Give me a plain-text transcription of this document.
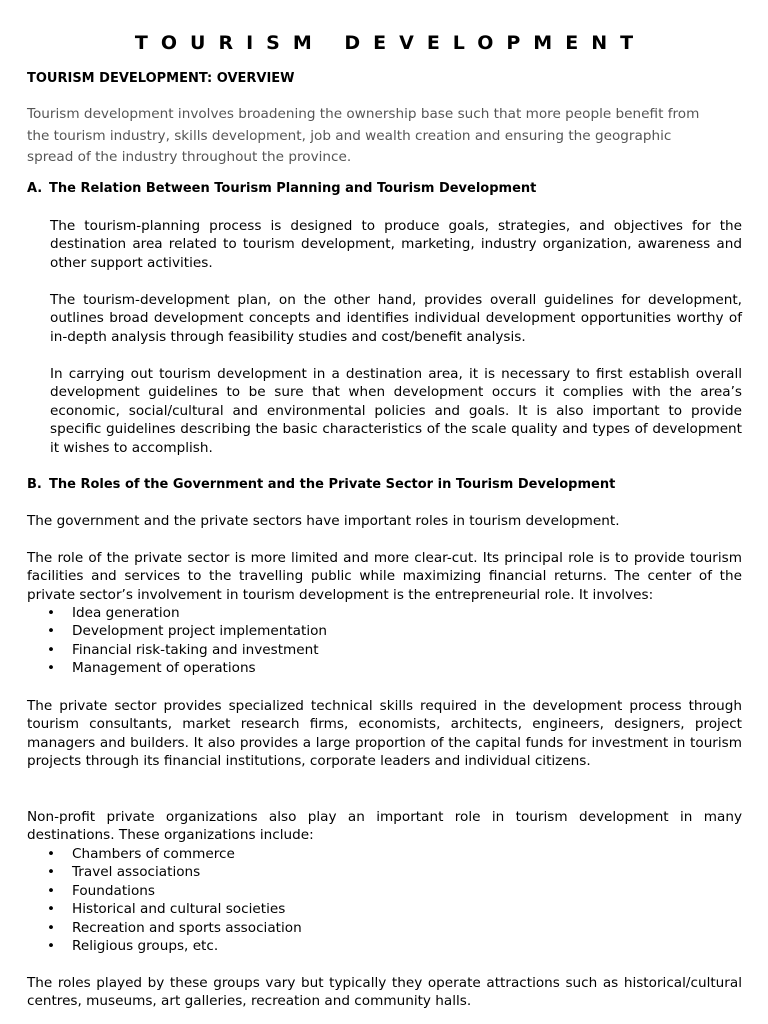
TOURISM DEVELOPMENT
TOURISM DEVELOPMENT: OVERVIEW
Tourism development involves broadening the ownership base such that more people benefit from the tourism industry, skills development, job and wealth creation and ensuring the geographic spread of the industry throughout the province.
A. The Relation Between Tourism Planning and Tourism Development
The tourism-planning process is designed to produce goals, strategies, and objectives for the destination area related to tourism development, marketing, industry organization, awareness and other support activities.
The tourism-development plan, on the other hand, provides overall guidelines for development, outlines broad development concepts and identifies individual development opportunities worthy of in-depth analysis through feasibility studies and cost/benefit analysis.
In carrying out tourism development in a destination area, it is necessary to first establish overall development guidelines to be sure that when development occurs it complies with the area’s economic, social/cultural and environmental policies and goals. It is also important to provide specific guidelines describing the basic characteristics of the scale quality and types of development it wishes to accomplish.
B. The Roles of the Government and the Private Sector in Tourism Development
The government and the private sectors have important roles in tourism development.
The role of the private sector is more limited and more clear-cut. Its principal role is to provide tourism facilities and services to the travelling public while maximizing financial returns. The center of the private sector’s involvement in tourism development is the entrepreneurial role. It involves:
• Idea generation
• Development project implementation
• Financial risk-taking and investment
• Management of operations
The private sector provides specialized technical skills required in the development process through tourism consultants, market research firms, economists, architects, engineers, designers, project managers and builders. It also provides a large proportion of the capital funds for investment in tourism projects through its financial institutions, corporate leaders and individual citizens.
Non-profit private organizations also play an important role in tourism development in many destinations. These organizations include:
• Chambers of commerce
• Travel associations
• Foundations
• Historical and cultural societies
• Recreation and sports association
• Religious groups, etc.
The roles played by these groups vary but typically they operate attractions such as historical/cultural centres, museums, art galleries, recreation and community halls.
